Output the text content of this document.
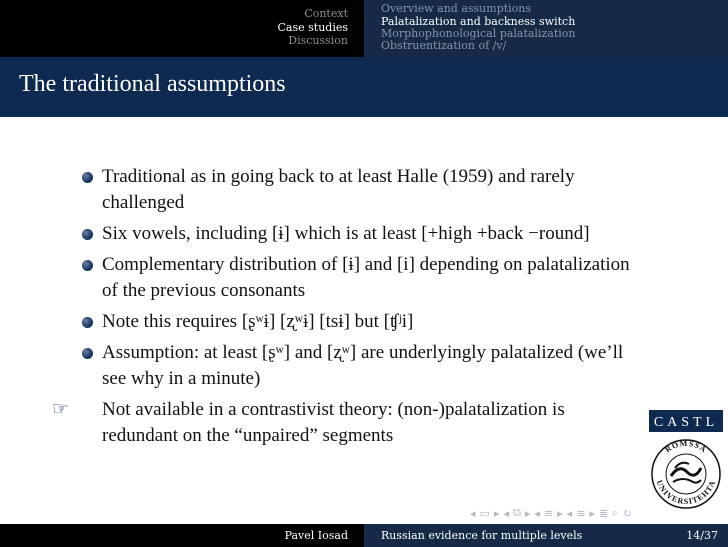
Context
Case studies
Discussion
Overview and assumptions
Palatalization and backness switch
Morphophonological palatalization
Obstruentization of /v/
The traditional assumptions
Traditional as in going back to at least Halle (1959) and rarely challenged
Six vowels, including [ɨ] which is at least [+high +back −round]
Complementary distribution of [ɨ] and [i] depending on palatalization of the previous consonants
Note this requires [ʂʷɨ] [ʐʷɨ] [tsɨ] but [ʧʲi]
Assumption: at least [ʂʷ] and [ʐʷ] are underlyingly palatalized (we’ll see why in a minute)
☞ Not available in a contrastivist theory: (non-)palatalization is redundant on the “unpaired” segments
CASTL
ROMSSA
UNIVERSITEHTA
◂ ▭ ▸ ◂ ⧉ ▸ ◂ ≡ ▸ ◂ ≡ ▸ ≣ ⌕ ↻
Pavel Iosad	Russian evidence for multiple levels	14/37
